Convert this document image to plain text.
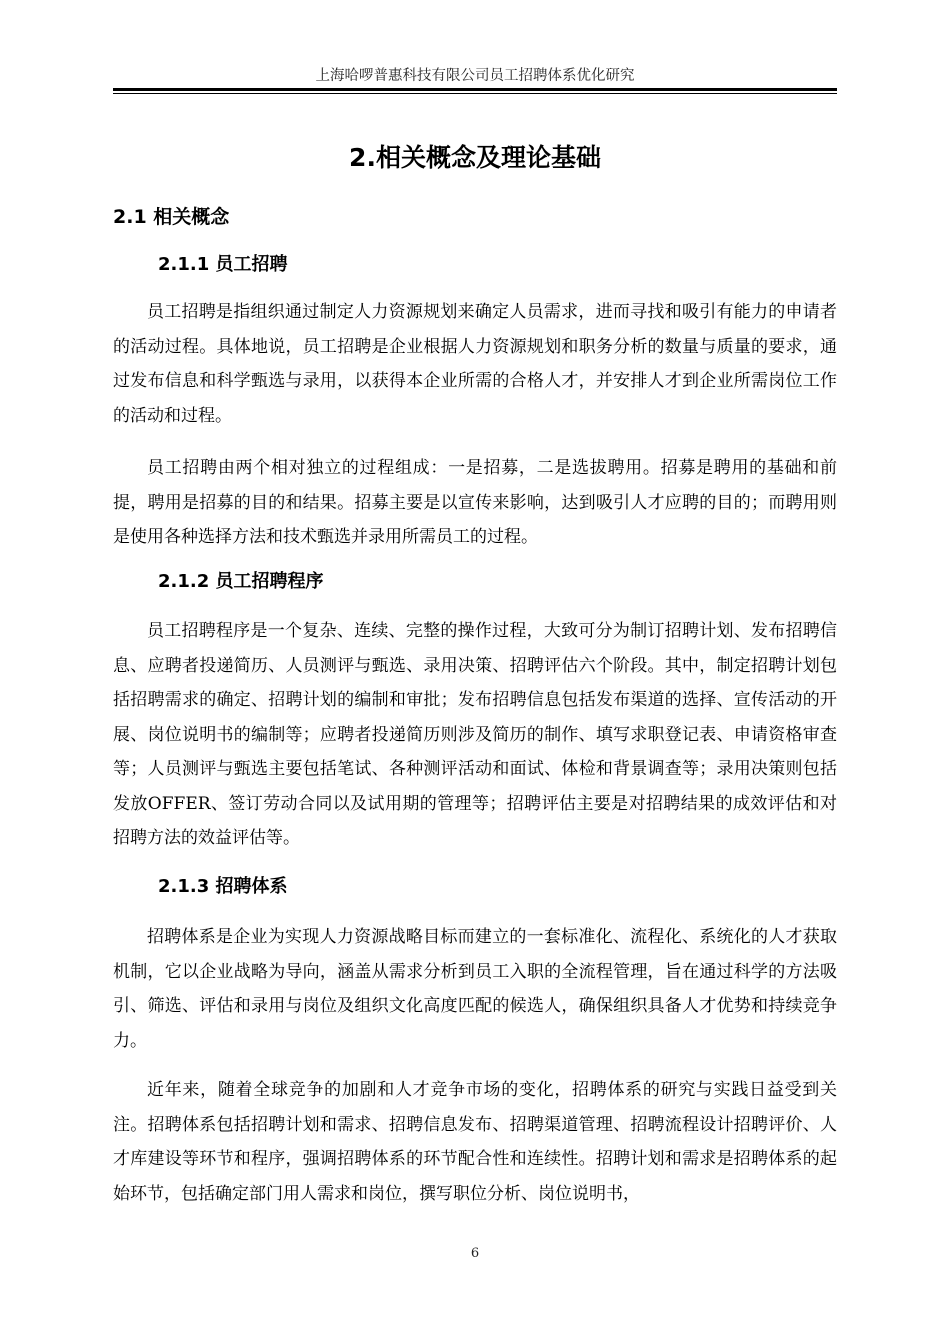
上海哈啰普惠科技有限公司员工招聘体系优化研究
2.相关概念及理论基础
2.1 相关概念
2.1.1 员工招聘

员工招聘是指组织通过制定人力资源规划来确定人员需求，进而寻找和吸引有能力的申请者的活动过程。具体地说，员工招聘是企业根据人力资源规划和职务分析的数量与质量的要求，通过发布信息和科学甄选与录用，以获得本企业所需的合格人才，并安排人才到企业所需岗位工作的活动和过程。

员工招聘由两个相对独立的过程组成：一是招募，二是选拔聘用。招募是聘用的基础和前提，聘用是招募的目的和结果。招募主要是以宣传来影响，达到吸引人才应聘的目的；而聘用则是使用各种选择方法和技术甄选并录用所需员工的过程。

2.1.2 员工招聘程序

员工招聘程序是一个复杂、连续、完整的操作过程，大致可分为制订招聘计划、发布招聘信息、应聘者投递简历、人员测评与甄选、录用决策、招聘评估六个阶段。其中，制定招聘计划包括招聘需求的确定、招聘计划的编制和审批；发布招聘信息包括发布渠道的选择、宣传活动的开展、岗位说明书的编制等；应聘者投递简历则涉及简历的制作、填写求职登记表、申请资格审查等；人员测评与甄选主要包括笔试、各种测评活动和面试、体检和背景调查等；录用决策则包括发放OFFER、签订劳动合同以及试用期的管理等；招聘评估主要是对招聘结果的成效评估和对招聘方法的效益评估等。

2.1.3 招聘体系

招聘体系是企业为实现人力资源战略目标而建立的一套标准化、流程化、系统化的人才获取机制，它以企业战略为导向，涵盖从需求分析到员工入职的全流程管理，旨在通过科学的方法吸引、筛选、评估和录用与岗位及组织文化高度匹配的候选人，确保组织具备人才优势和持续竞争力。

近年来，随着全球竞争的加剧和人才竞争市场的变化，招聘体系的研究与实践日益受到关注。招聘体系包括招聘计划和需求、招聘信息发布、招聘渠道管理、招聘流程设计招聘评价、人才库建设等环节和程序，强调招聘体系的环节配合性和连续性。招聘计划和需求是招聘体系的起始环节，包括确定部门用人需求和岗位，撰写职位分析、岗位说明书，

6
